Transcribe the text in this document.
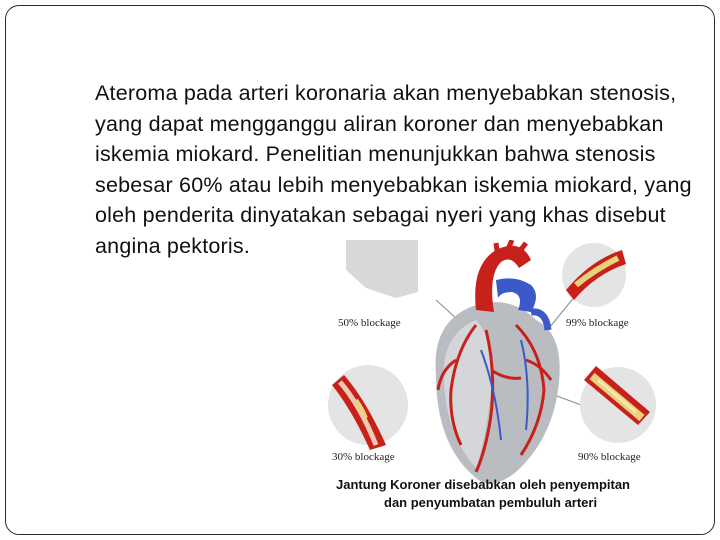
50% blockage	99% blockage
30% blockage	90% blockage
Jantung Koroner disebabkan oleh penyempitan
dan penyumbatan pembuluh arteri

Ateroma pada arteri koronaria akan menyebabkan stenosis, yang dapat mengganggu aliran koroner dan menyebabkan iskemia miokard. Penelitian menunjukkan bahwa stenosis sebesar 60% atau lebih menyebabkan iskemia miokard, yang oleh penderita dinyatakan sebagai nyeri yang khas disebut angina pektoris.
